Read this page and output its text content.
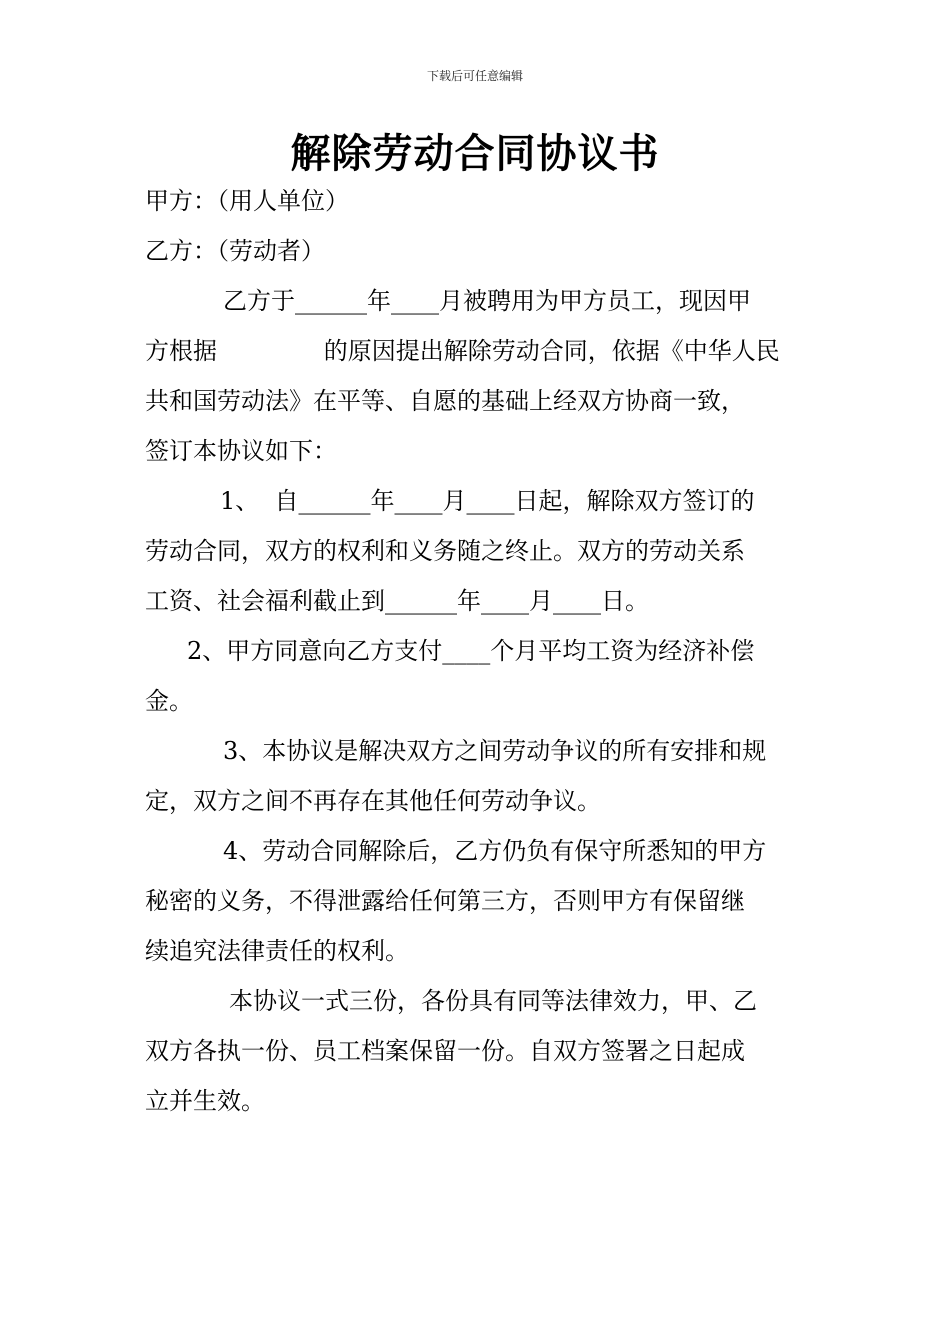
下载后可任意编辑
解除劳动合同协议书
甲方：（用人单位）
乙方：（劳动者）
乙方于______年____月被聘用为甲方员工，现因甲
方根据              的原因提出解除劳动合同，依据《中华人民
共和国劳动法》在平等、自愿的基础上经双方协商一致，
签订本协议如下：
1、  自______年____月____日起，解除双方签订的
劳动合同，双方的权利和义务随之终止。双方的劳动关系
工资、社会福利截止到______年____月____日。
2、甲方同意向乙方支付____个月平均工资为经济补偿
金。
3、本协议是解决双方之间劳动争议的所有安排和规
定，双方之间不再存在其他任何劳动争议。
4、劳动合同解除后，乙方仍负有保守所悉知的甲方
秘密的义务，不得泄露给任何第三方，否则甲方有保留继
续追究法律责任的权利。
本协议一式三份，各份具有同等法律效力，甲、乙
双方各执一份、员工档案保留一份。自双方签署之日起成
立并生效。
